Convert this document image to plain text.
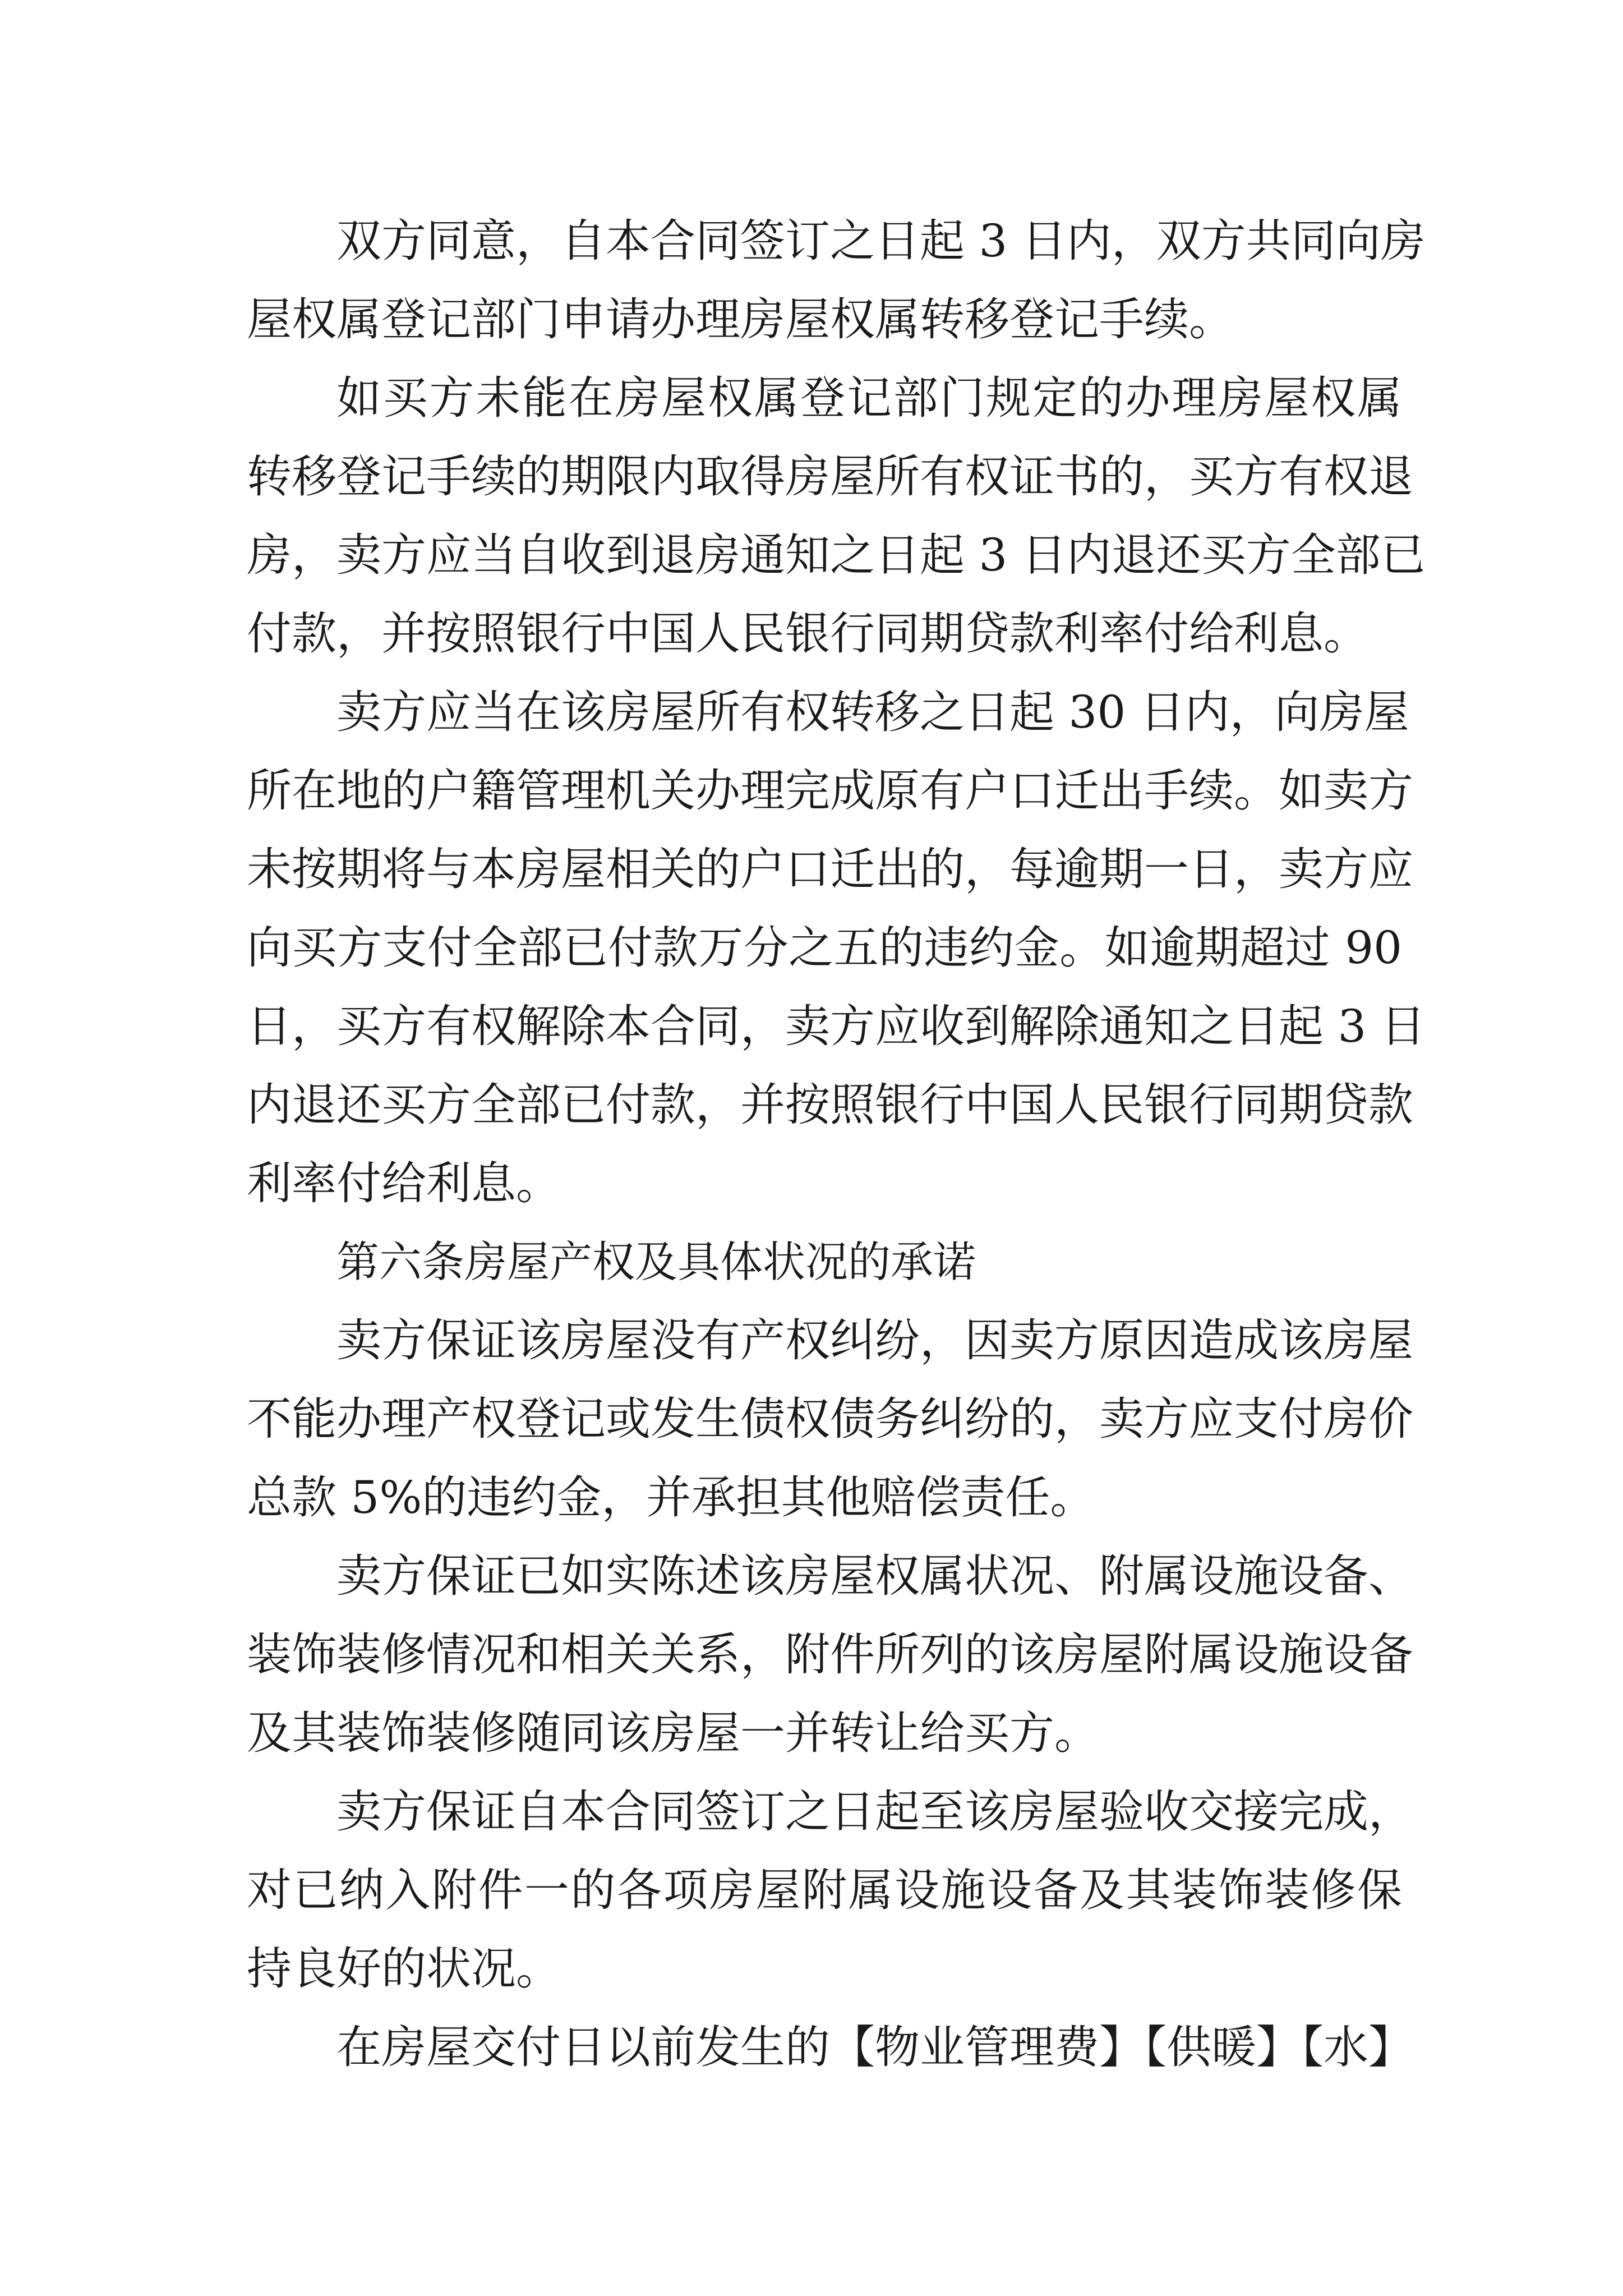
双方同意，自本合同签订之日起 3 日内，双方共同向房
屋权属登记部门申请办理房屋权属转移登记手续。
如买方未能在房屋权属登记部门规定的办理房屋权属
转移登记手续的期限内取得房屋所有权证书的，买方有权退
房，卖方应当自收到退房通知之日起 3 日内退还买方全部已
付款，并按照银行中国人民银行同期贷款利率付给利息。
卖方应当在该房屋所有权转移之日起 30 日内，向房屋
所在地的户籍管理机关办理完成原有户口迁出手续。如卖方
未按期将与本房屋相关的户口迁出的，每逾期一日，卖方应
向买方支付全部已付款万分之五的违约金。如逾期超过 90
日，买方有权解除本合同，卖方应收到解除通知之日起 3 日
内退还买方全部已付款，并按照银行中国人民银行同期贷款
利率付给利息。
第六条房屋产权及具体状况的承诺
卖方保证该房屋没有产权纠纷，因卖方原因造成该房屋
不能办理产权登记或发生债权债务纠纷的，卖方应支付房价
总款 5%的违约金，并承担其他赔偿责任。
卖方保证已如实陈述该房屋权属状况、附属设施设备、
装饰装修情况和相关关系，附件所列的该房屋附属设施设备
及其装饰装修随同该房屋一并转让给买方。
卖方保证自本合同签订之日起至该房屋验收交接完成，
对已纳入附件一的各项房屋附属设施设备及其装饰装修保
持良好的状况。
在房屋交付日以前发生的【物业管理费】【供暖】【水】
